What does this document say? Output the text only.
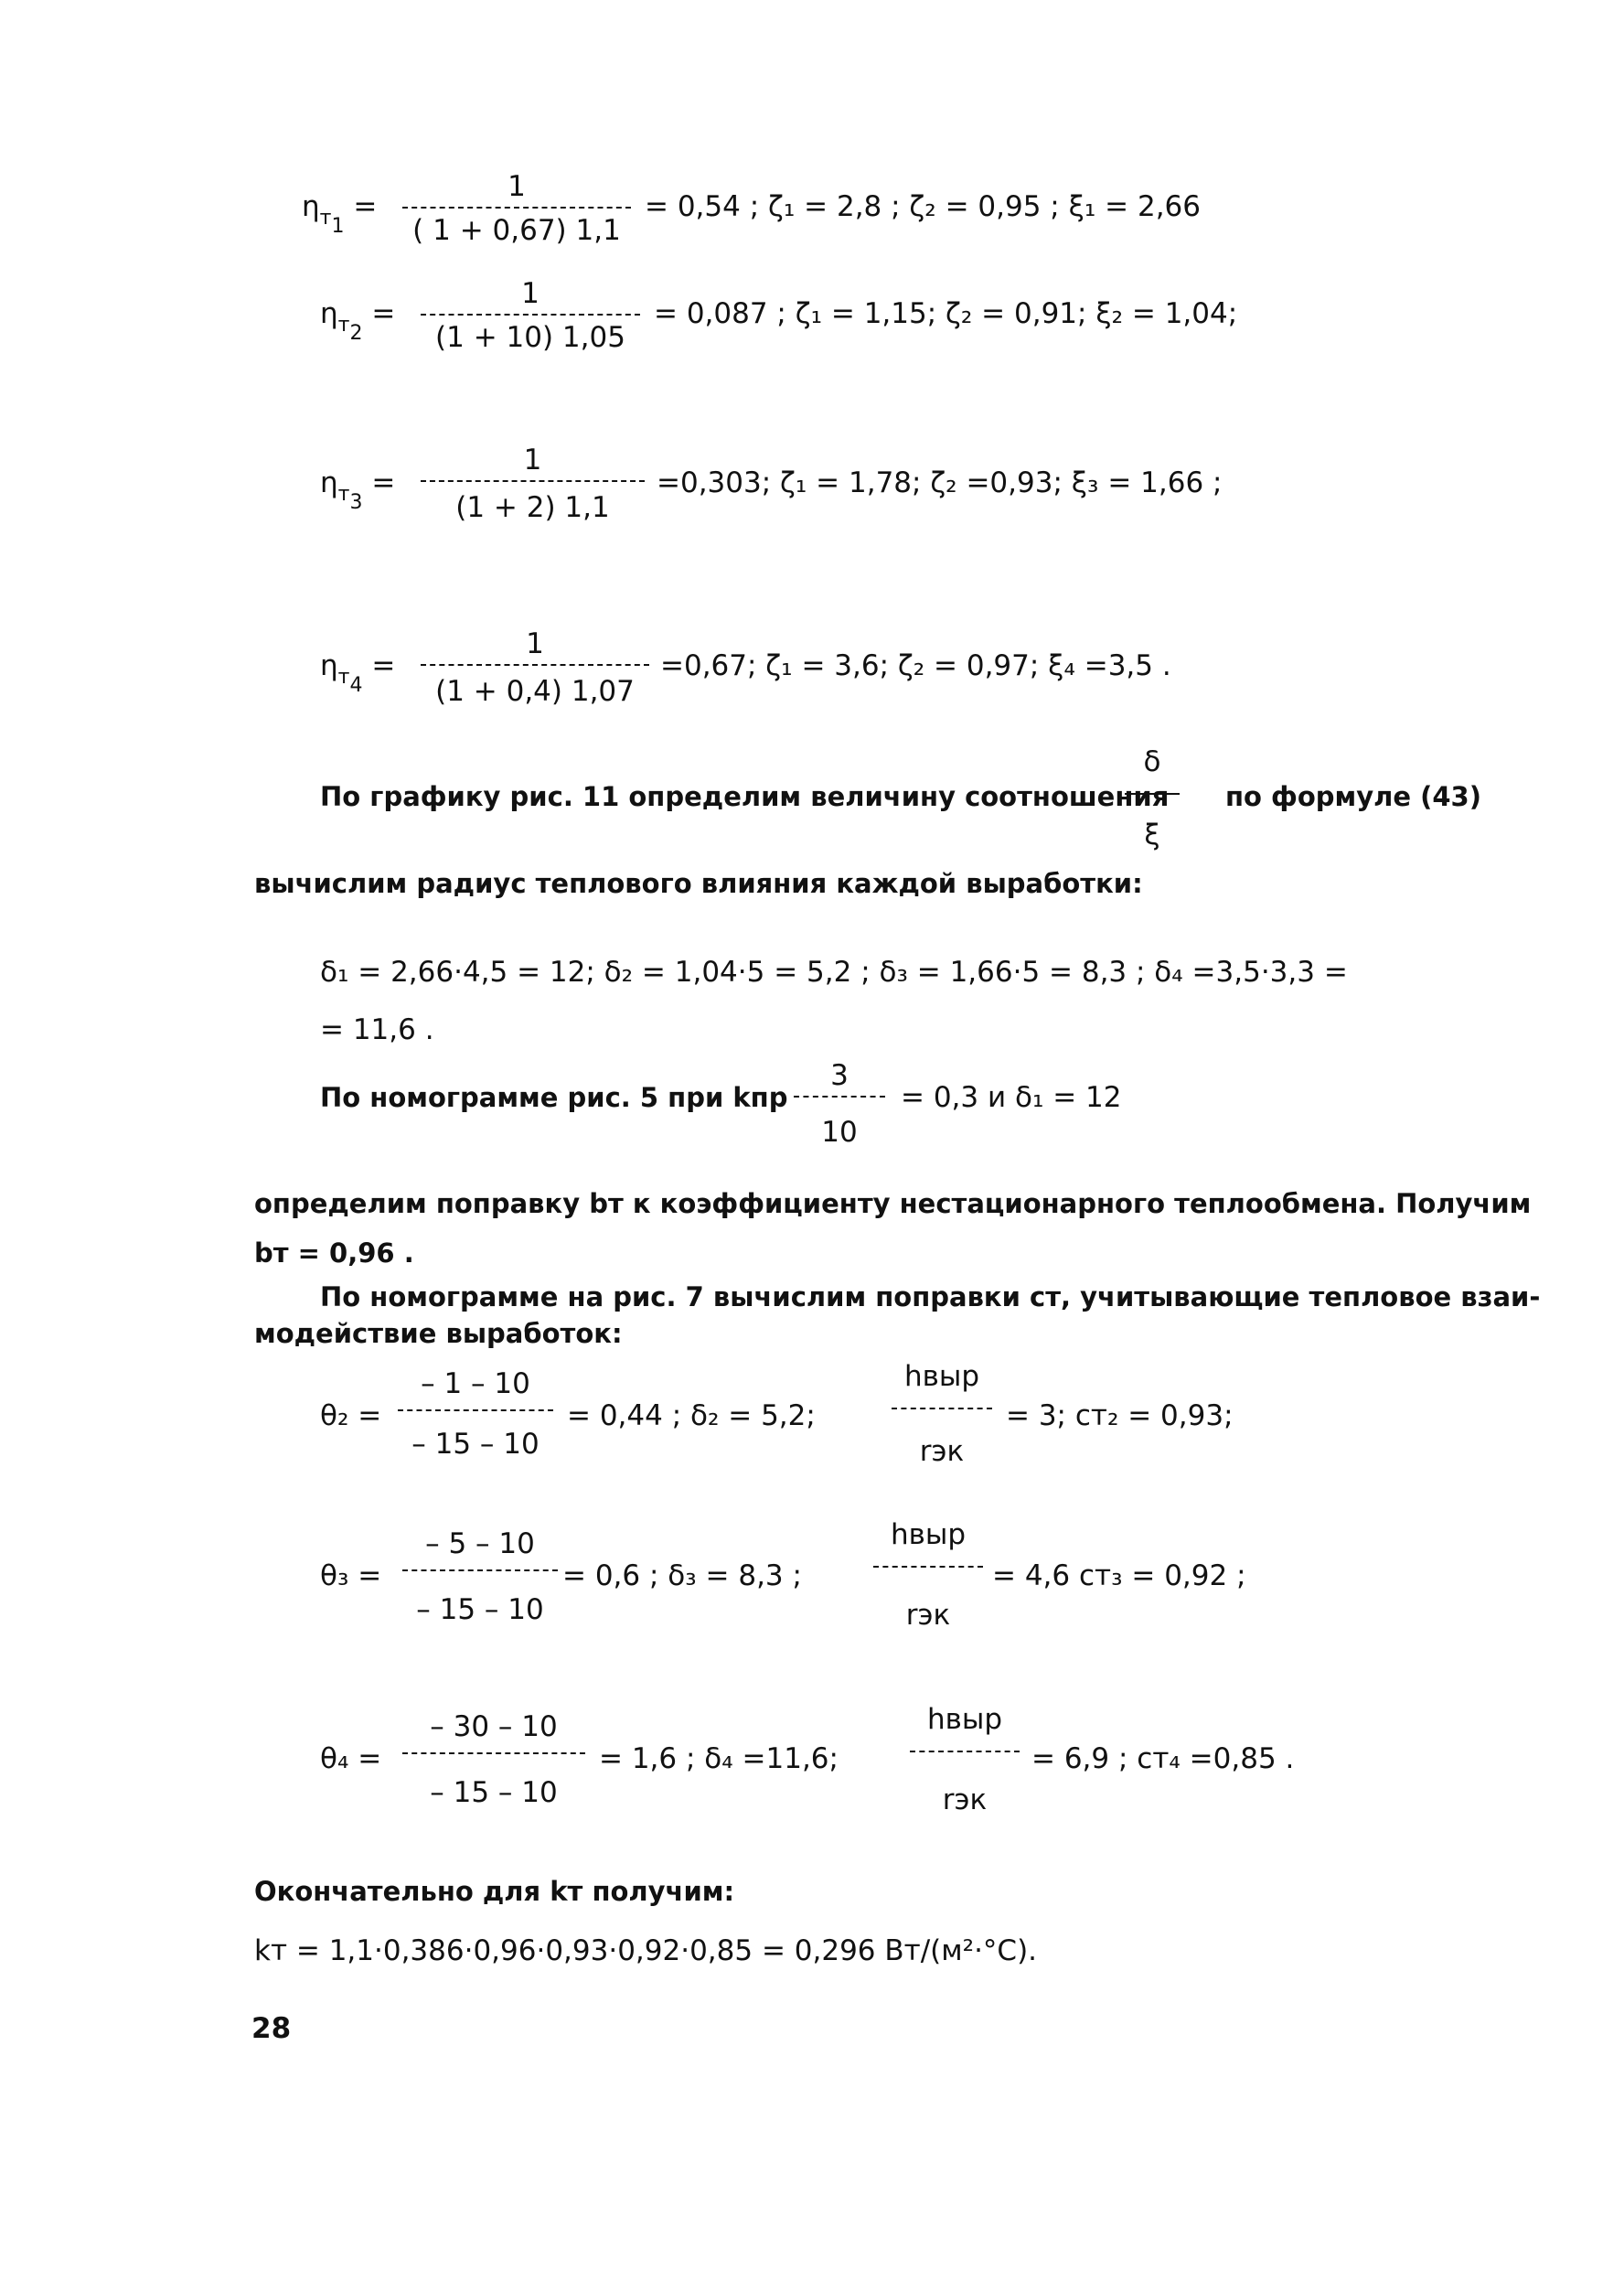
$\eta_{т_1}$ =
1
( 1 + 0,67) 1,1
= 0,54 ; ζ₁ = 2,8 ; ζ₂ = 0,95 ; ξ₁ = 2,66
$\eta_{т_2}$ =
1
(1 + 10) 1,05
= 0,087 ; ζ₁ = 1,15; ζ₂ = 0,91; ξ₂ = 1,04;
$\eta_{т_3}$ =
1
(1 + 2) 1,1
=0,303; ζ₁ = 1,78; ζ₂ =0,93; ξ₃ = 1,66 ;
$\eta_{т_4}$ =
1
(1 + 0,4) 1,07
=0,67; ζ₁ = 3,6; ζ₂ = 0,97; ξ₄ =3,5 .
По графику рис. 11 определим величину соотношения
δ
ξ
по формуле (43)
вычислим радиус теплового влияния каждой выработки:
δ₁ = 2,66·4,5 = 12; δ₂ = 1,04·5 = 5,2 ; δ₃ = 1,66·5 = 8,3 ; δ₄ =3,5·3,3 =
= 11,6 .
По номограмме рис. 5 при kпр
3
10
= 0,3 и δ₁ = 12
определим поправку bт к коэффициенту нестационарного теплообмена. Получим
bт = 0,96 .
По номограмме на рис. 7 вычислим поправки cт, учитывающие тепловое взаи-
модействие выработок:
θ₂ =
– 1 – 10
– 15 – 10
= 0,44 ; δ₂ = 5,2;
hвыр
rэк
= 3; cт₂ = 0,93;
θ₃ =
– 5 – 10
– 15 – 10
= 0,6 ; δ₃ = 8,3 ;
hвыр
rэк
= 4,6 cт₃ = 0,92 ;
θ₄ =
– 30 – 10
– 15 – 10
= 1,6 ; δ₄ =11,6;
hвыр
rэк
= 6,9 ; cт₄ =0,85 .
Окончательно для kт получим:
kт = 1,1·0,386·0,96·0,93·0,92·0,85 = 0,296 Вт/(м²·°С).
28
